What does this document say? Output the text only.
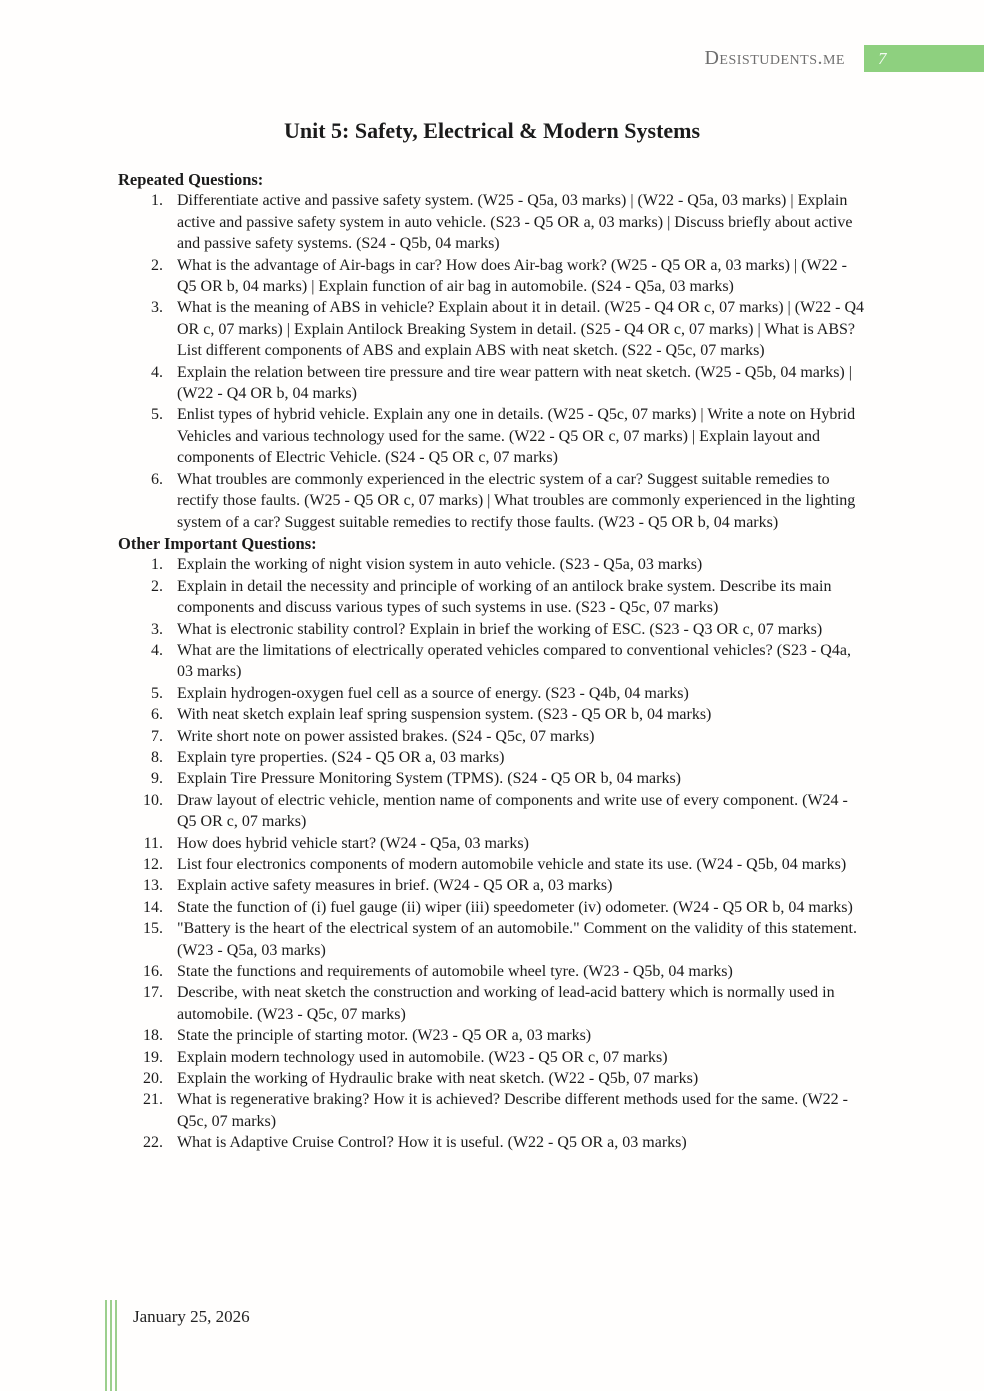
Desistudents.me	7
Unit 5: Safety, Electrical & Modern Systems
Repeated Questions:
1. Differentiate active and passive safety system. (W25 - Q5a, 03 marks) | (W22 - Q5a, 03 marks) | Explain active and passive safety system in auto vehicle. (S23 - Q5 OR a, 03 marks) | Discuss briefly about active and passive safety systems. (S24 - Q5b, 04 marks)
2. What is the advantage of Air-bags in car? How does Air-bag work? (W25 - Q5 OR a, 03 marks) | (W22 - Q5 OR b, 04 marks) | Explain function of air bag in automobile. (S24 - Q5a, 03 marks)
3. What is the meaning of ABS in vehicle? Explain about it in detail. (W25 - Q4 OR c, 07 marks) | (W22 - Q4 OR c, 07 marks) | Explain Antilock Breaking System in detail. (S25 - Q4 OR c, 07 marks) | What is ABS? List different components of ABS and explain ABS with neat sketch. (S22 - Q5c, 07 marks)
4. Explain the relation between tire pressure and tire wear pattern with neat sketch. (W25 - Q5b, 04 marks) | (W22 - Q4 OR b, 04 marks)
5. Enlist types of hybrid vehicle. Explain any one in details. (W25 - Q5c, 07 marks) | Write a note on Hybrid Vehicles and various technology used for the same. (W22 - Q5 OR c, 07 marks) | Explain layout and components of Electric Vehicle. (S24 - Q5 OR c, 07 marks)
6. What troubles are commonly experienced in the electric system of a car? Suggest suitable remedies to rectify those faults. (W25 - Q5 OR c, 07 marks) | What troubles are commonly experienced in the lighting system of a car? Suggest suitable remedies to rectify those faults. (W23 - Q5 OR b, 04 marks)
Other Important Questions:
1. Explain the working of night vision system in auto vehicle. (S23 - Q5a, 03 marks)
2. Explain in detail the necessity and principle of working of an antilock brake system. Describe its main components and discuss various types of such systems in use. (S23 - Q5c, 07 marks)
3. What is electronic stability control? Explain in brief the working of ESC. (S23 - Q3 OR c, 07 marks)
4. What are the limitations of electrically operated vehicles compared to conventional vehicles? (S23 - Q4a, 03 marks)
5. Explain hydrogen-oxygen fuel cell as a source of energy. (S23 - Q4b, 04 marks)
6. With neat sketch explain leaf spring suspension system. (S23 - Q5 OR b, 04 marks)
7. Write short note on power assisted brakes. (S24 - Q5c, 07 marks)
8. Explain tyre properties. (S24 - Q5 OR a, 03 marks)
9. Explain Tire Pressure Monitoring System (TPMS). (S24 - Q5 OR b, 04 marks)
10. Draw layout of electric vehicle, mention name of components and write use of every component. (W24 - Q5 OR c, 07 marks)
11. How does hybrid vehicle start? (W24 - Q5a, 03 marks)
12. List four electronics components of modern automobile vehicle and state its use. (W24 - Q5b, 04 marks)
13. Explain active safety measures in brief. (W24 - Q5 OR a, 03 marks)
14. State the function of (i) fuel gauge (ii) wiper (iii) speedometer (iv) odometer. (W24 - Q5 OR b, 04 marks)
15. "Battery is the heart of the electrical system of an automobile." Comment on the validity of this statement. (W23 - Q5a, 03 marks)
16. State the functions and requirements of automobile wheel tyre. (W23 - Q5b, 04 marks)
17. Describe, with neat sketch the construction and working of lead-acid battery which is normally used in automobile. (W23 - Q5c, 07 marks)
18. State the principle of starting motor. (W23 - Q5 OR a, 03 marks)
19. Explain modern technology used in automobile. (W23 - Q5 OR c, 07 marks)
20. Explain the working of Hydraulic brake with neat sketch. (W22 - Q5b, 07 marks)
21. What is regenerative braking? How it is achieved? Describe different methods used for the same. (W22 - Q5c, 07 marks)
22. What is Adaptive Cruise Control? How it is useful. (W22 - Q5 OR a, 03 marks)
January 25, 2026
